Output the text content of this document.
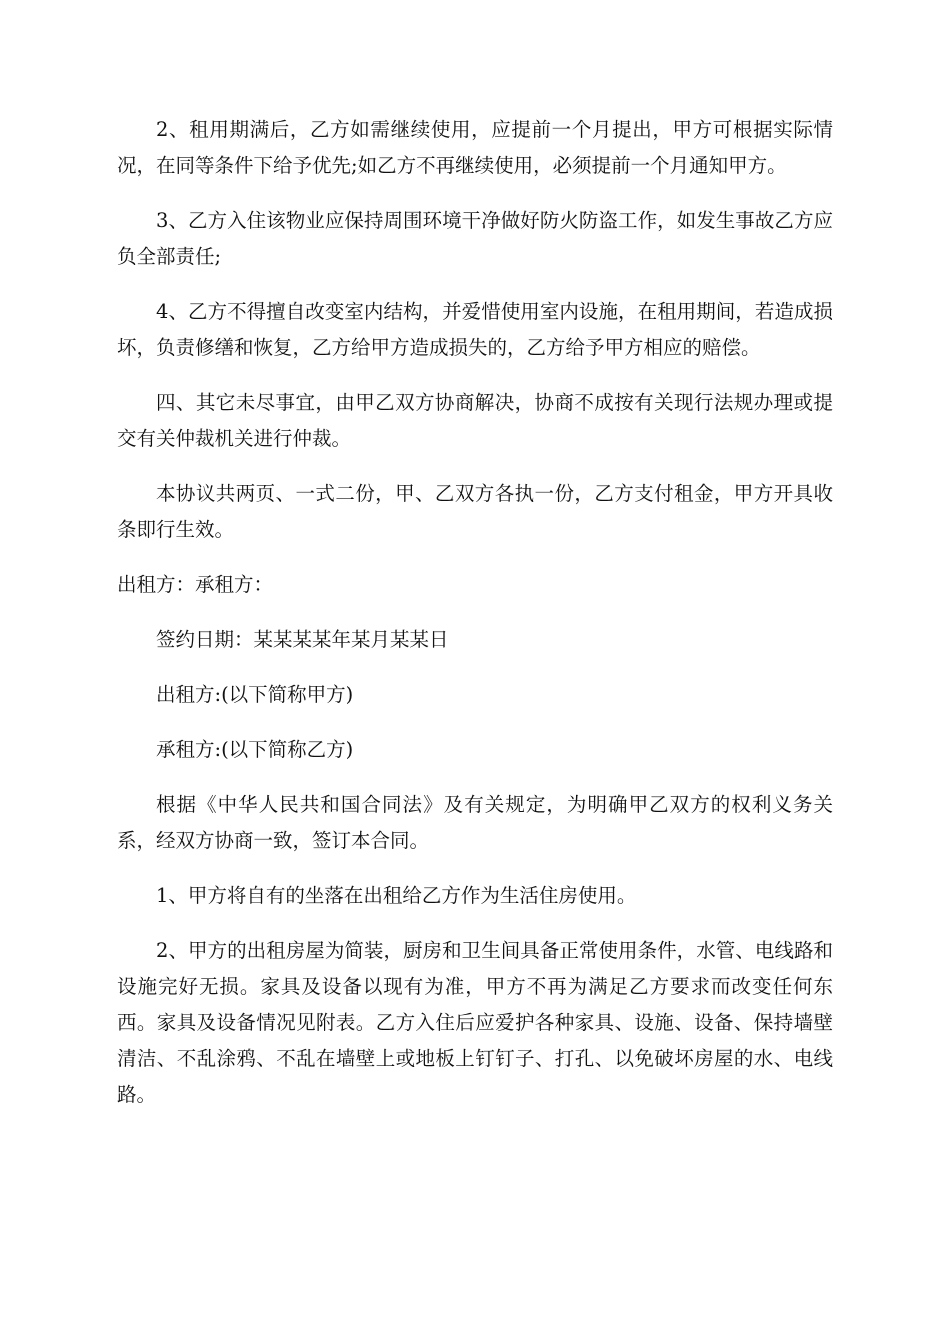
2、租用期满后，乙方如需继续使用，应提前一个月提出，甲方可根据实际情况，在同等条件下给予优先;如乙方不再继续使用，必须提前一个月通知甲方。

3、乙方入住该物业应保持周围环境干净做好防火防盗工作，如发生事故乙方应负全部责任;

4、乙方不得擅自改变室内结构，并爱惜使用室内设施，在租用期间，若造成损坏，负责修缮和恢复，乙方给甲方造成损失的，乙方给予甲方相应的赔偿。

四、其它未尽事宜，由甲乙双方协商解决，协商不成按有关现行法规办理或提交有关仲裁机关进行仲裁。

本协议共两页、一式二份，甲、乙双方各执一份，乙方支付租金，甲方开具收条即行生效。

出租方：承租方：

签约日期：某某某某年某月某某日

出租方:(以下简称甲方)

承租方:(以下简称乙方)

根据《中华人民共和国合同法》及有关规定，为明确甲乙双方的权利义务关系，经双方协商一致，签订本合同。

1、甲方将自有的坐落在出租给乙方作为生活住房使用。

2、甲方的出租房屋为简装，厨房和卫生间具备正常使用条件，水管、电线路和设施完好无损。家具及设备以现有为准，甲方不再为满足乙方要求而改变任何东西。家具及设备情况见附表。乙方入住后应爱护各种家具、设施、设备、保持墙壁清洁、不乱涂鸦、不乱在墙壁上或地板上钉钉子、打孔、以免破坏房屋的水、电线路。
